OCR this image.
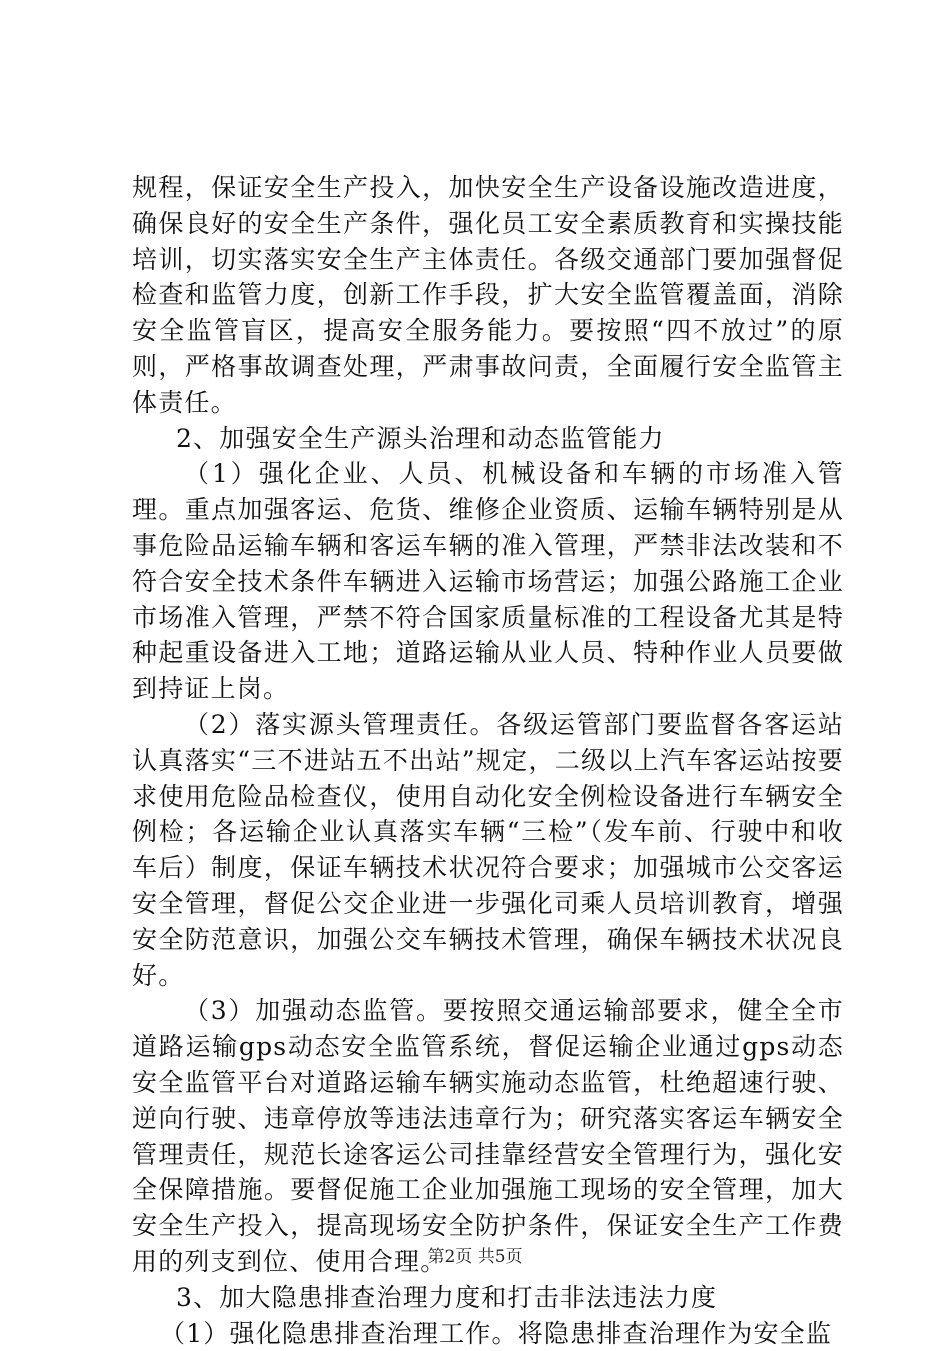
规程，保证安全生产投入，加快安全生产设备设施改造进度，确保良好的安全生产条件，强化员工安全素质教育和实操技能培训，切实落实安全生产主体责任。各级交通部门要加强督促检查和监管力度，创新工作手段，扩大安全监管覆盖面，消除安全监管盲区，提高安全服务能力。要按照“四不放过”的原则，严格事故调查处理，严肃事故问责，全面履行安全监管主体责任。

2、加强安全生产源头治理和动态监管能力

（1）强化企业、人员、机械设备和车辆的市场准入管理。重点加强客运、危货、维修企业资质、运输车辆特别是从事危险品运输车辆和客运车辆的准入管理，严禁非法改装和不符合安全技术条件车辆进入运输市场营运；加强公路施工企业市场准入管理，严禁不符合国家质量标准的工程设备尤其是特种起重设备进入工地；道路运输从业人员、特种作业人员要做到持证上岗。

（2）落实源头管理责任。各级运管部门要监督各客运站认真落实“三不进站五不出站”规定，二级以上汽车客运站按要求使用危险品检查仪，使用自动化安全例检设备进行车辆安全例检；各运输企业认真落实车辆“三检”（发车前、行驶中和收车后）制度，保证车辆技术状况符合要求；加强城市公交客运安全管理，督促公交企业进一步强化司乘人员培训教育，增强安全防范意识，加强公交车辆技术管理，确保车辆技术状况良好。

（3）加强动态监管。要按照交通运输部要求，健全全市道路运输gps动态安全监管系统，督促运输企业通过gps动态安全监管平台对道路运输车辆实施动态监管，杜绝超速行驶、逆向行驶、违章停放等违法违章行为；研究落实客运车辆安全管理责任，规范长途客运公司挂靠经营安全管理行为，强化安全保障措施。要督促施工企业加强施工现场的安全管理，加大安全生产投入，提高现场安全防护条件，保证安全生产工作费用的列支到位、使用合理。

3、加大隐患排查治理力度和打击非法违法力度

（1）强化隐患排查治理工作。将隐患排查治理作为安全监

第2页 共5页
